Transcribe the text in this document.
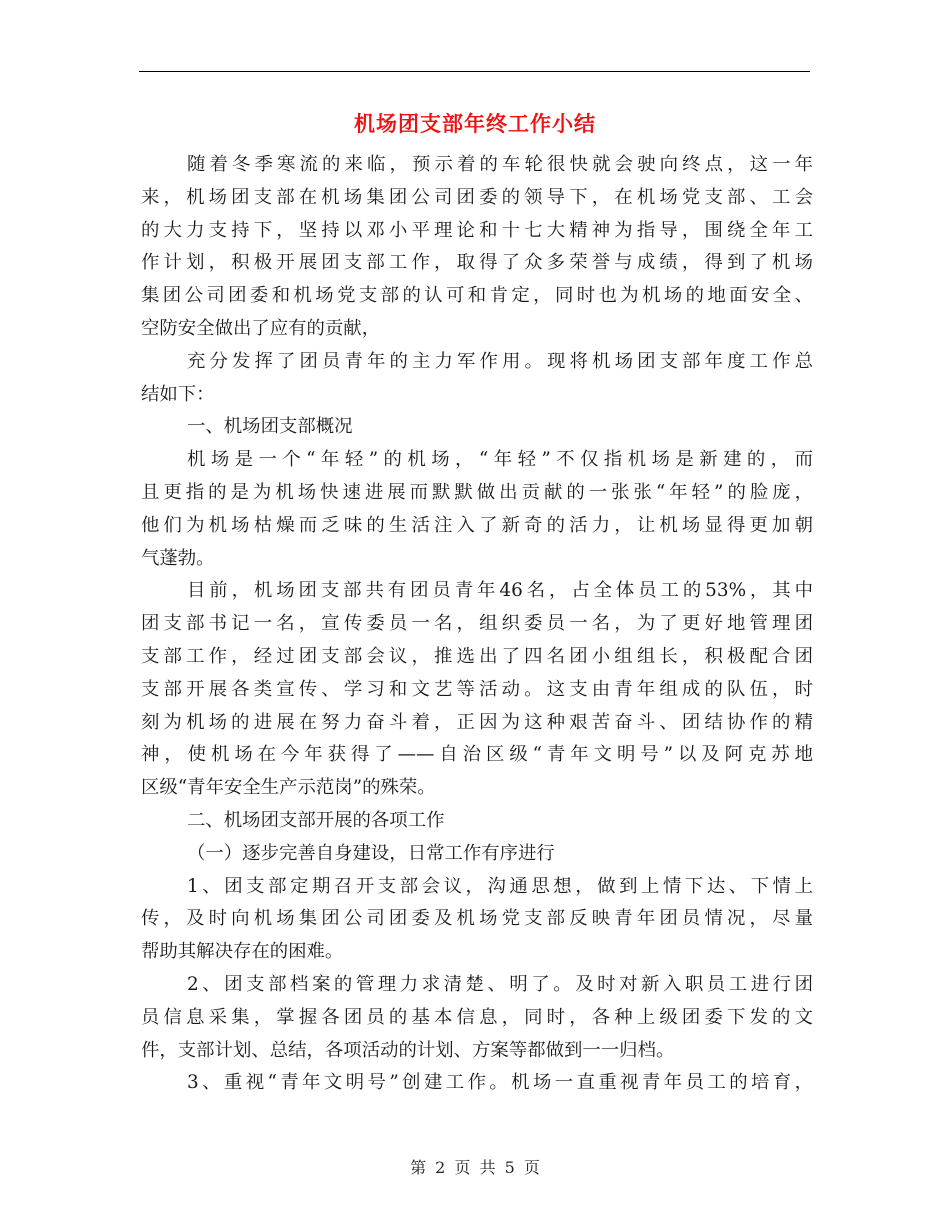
机场团支部年终工作小结
随着冬季寒流的来临，预示着的车轮很快就会驶向终点，这一年
来，机场团支部在机场集团公司团委的领导下，在机场党支部、工会
的大力支持下，坚持以邓小平理论和十七大精神为指导，围绕全年工
作计划，积极开展团支部工作，取得了众多荣誉与成绩，得到了机场
集团公司团委和机场党支部的认可和肯定，同时也为机场的地面安全、
空防安全做出了应有的贡献，
充分发挥了团员青年的主力军作用。现将机场团支部年度工作总
结如下：
一、机场团支部概况
机场是一个“年轻”的机场，“年轻”不仅指机场是新建的，而
且更指的是为机场快速进展而默默做出贡献的一张张“年轻”的脸庞，
他们为机场枯燥而乏味的生活注入了新奇的活力，让机场显得更加朝
气蓬勃。
目前，机场团支部共有团员青年46名，占全体员工的53%，其中
团支部书记一名，宣传委员一名，组织委员一名，为了更好地管理团
支部工作，经过团支部会议，推选出了四名团小组组长，积极配合团
支部开展各类宣传、学习和文艺等活动。这支由青年组成的队伍，时
刻为机场的进展在努力奋斗着，正因为这种艰苦奋斗、团结协作的精
神，使机场在今年获得了——自治区级“青年文明号”以及阿克苏地
区级“青年安全生产示范岗”的殊荣。
二、机场团支部开展的各项工作
（一）逐步完善自身建设，日常工作有序进行
1、团支部定期召开支部会议，沟通思想，做到上情下达、下情上
传，及时向机场集团公司团委及机场党支部反映青年团员情况，尽量
帮助其解决存在的困难。
2、团支部档案的管理力求清楚、明了。及时对新入职员工进行团
员信息采集，掌握各团员的基本信息，同时，各种上级团委下发的文
件，支部计划、总结，各项活动的计划、方案等都做到一一归档。
3、重视“青年文明号”创建工作。机场一直重视青年员工的培育，
第 2 页 共 5 页
